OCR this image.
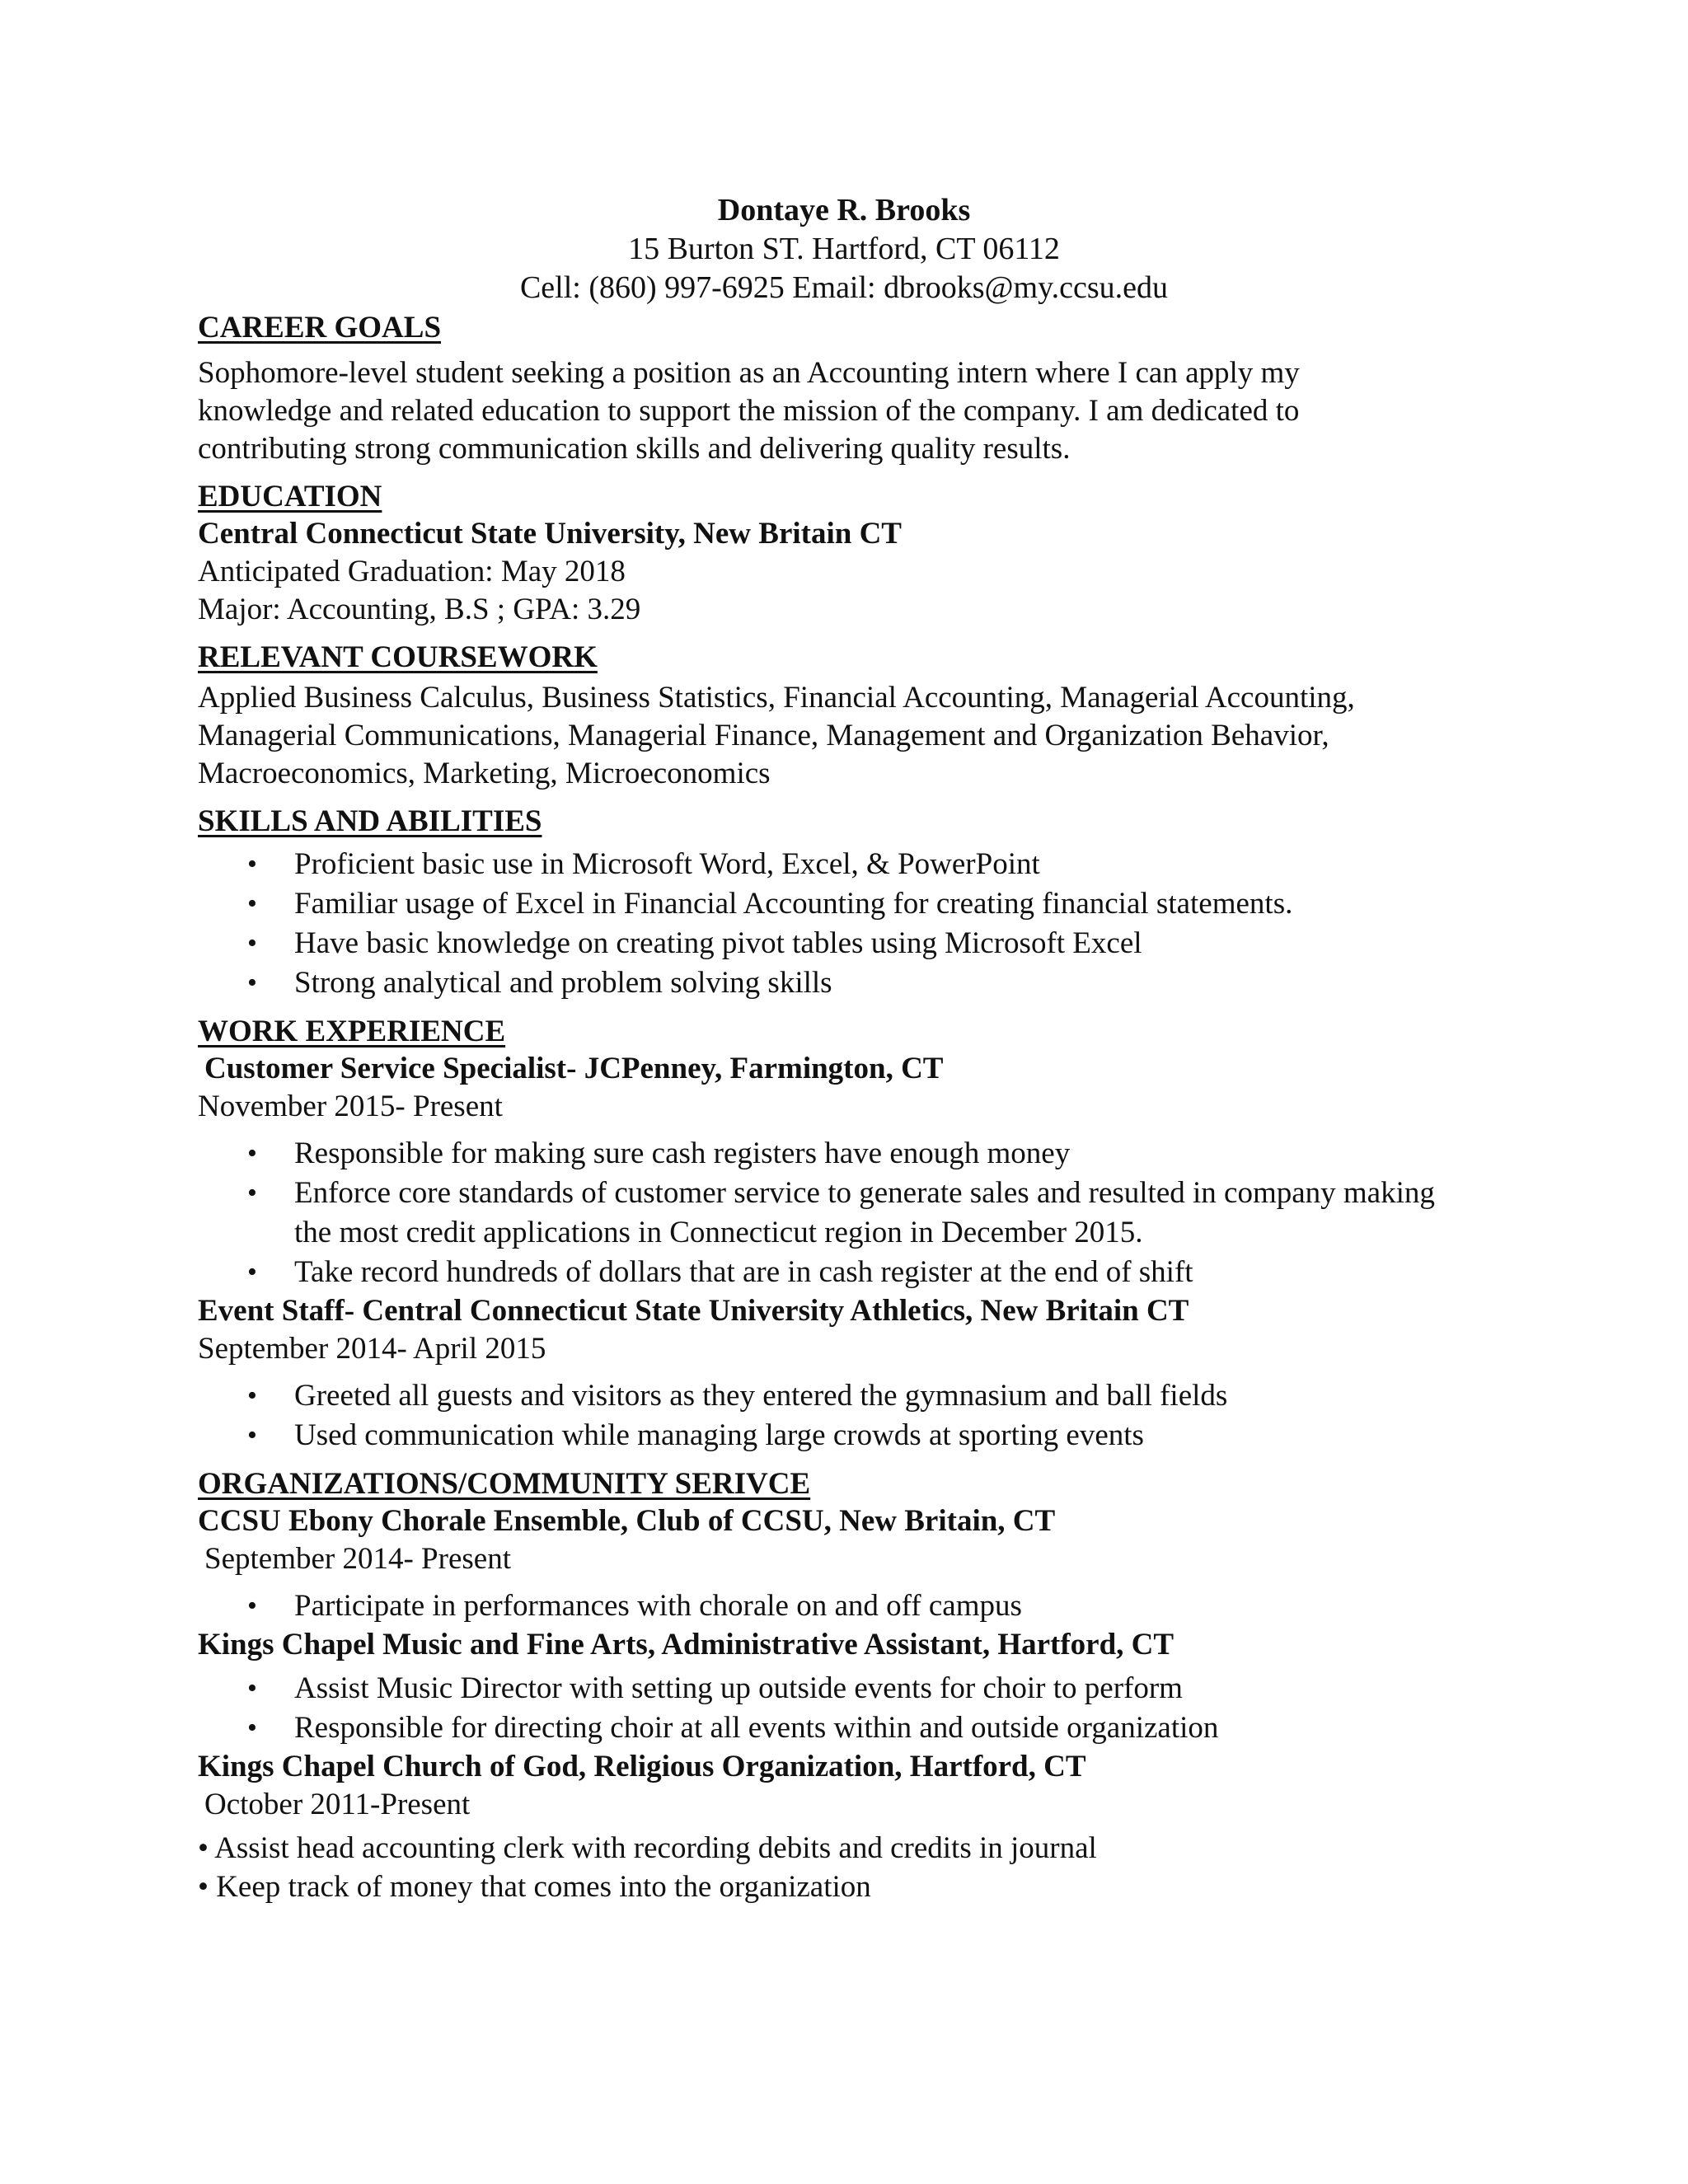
Dontaye R. Brooks
15 Burton ST. Hartford, CT 06112
Cell: (860) 997-6925 Email: dbrooks@my.ccsu.edu
CAREER GOALS
Sophomore-level student seeking a position as an Accounting intern where I can apply my
knowledge and related education to support the mission of the company. I am dedicated to
contributing strong communication skills and delivering quality results.
EDUCATION
Central Connecticut State University, New Britain CT
Anticipated Graduation: May 2018
Major: Accounting, B.S ; GPA: 3.29
RELEVANT COURSEWORK
Applied Business Calculus, Business Statistics, Financial Accounting, Managerial Accounting,
Managerial Communications, Managerial Finance, Management and Organization Behavior,
Macroeconomics, Marketing, Microeconomics
SKILLS AND ABILITIES
• Proficient basic use in Microsoft Word, Excel, & PowerPoint
• Familiar usage of Excel in Financial Accounting for creating financial statements.
• Have basic knowledge on creating pivot tables using Microsoft Excel
• Strong analytical and problem solving skills
WORK EXPERIENCE
Customer Service Specialist- JCPenney, Farmington, CT
November 2015- Present
• Responsible for making sure cash registers have enough money
• Enforce core standards of customer service to generate sales and resulted in company making the most credit applications in Connecticut region in December 2015.
• Take record hundreds of dollars that are in cash register at the end of shift
Event Staff- Central Connecticut State University Athletics, New Britain CT
September 2014- April 2015
• Greeted all guests and visitors as they entered the gymnasium and ball fields
• Used communication while managing large crowds at sporting events
ORGANIZATIONS/COMMUNITY SERIVCE
CCSU Ebony Chorale Ensemble, Club of CCSU, New Britain, CT
September 2014- Present
• Participate in performances with chorale on and off campus
Kings Chapel Music and Fine Arts, Administrative Assistant, Hartford, CT
• Assist Music Director with setting up outside events for choir to perform
• Responsible for directing choir at all events within and outside organization
Kings Chapel Church of God, Religious Organization, Hartford, CT
October 2011-Present
• Assist head accounting clerk with recording debits and credits in journal
• Keep track of money that comes into the organization
